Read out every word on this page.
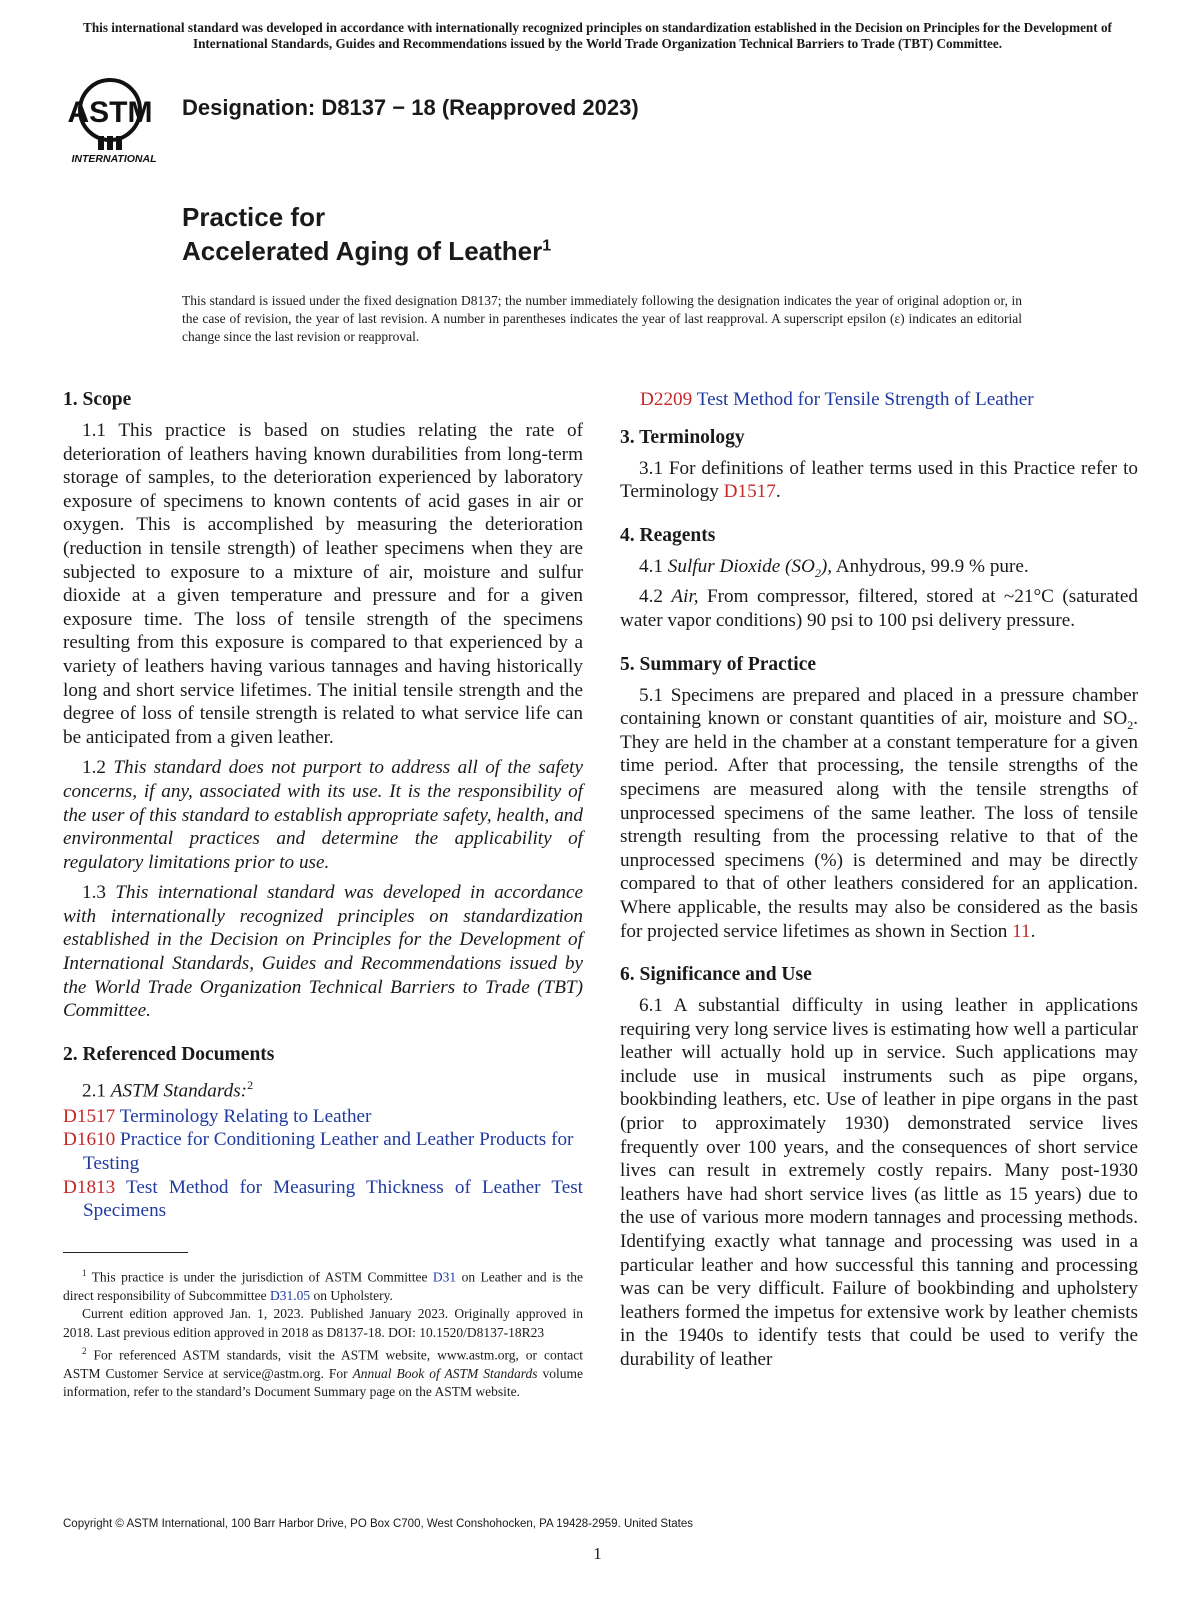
This international standard was developed in accordance with internationally recognized principles on standardization established in the Decision on Principles for the Development of International Standards, Guides and Recommendations issued by the World Trade Organization Technical Barriers to Trade (TBT) Committee.
ASTM
INTERNATIONAL
Designation: D8137 − 18 (Reapproved 2023)
Practice for
Accelerated Aging of Leather$^1$
This standard is issued under the fixed designation D8137; the number immediately following the designation indicates the year of original adoption or, in the case of revision, the year of last revision. A number in parentheses indicates the year of last reapproval. A superscript epsilon (ε) indicates an editorial change since the last revision or reapproval.
1. Scope

1.1 This practice is based on studies relating the rate of deterioration of leathers having known durabilities from long-term storage of samples, to the deterioration experienced by laboratory exposure of specimens to known contents of acid gases in air or oxygen. This is accomplished by measuring the deterioration (reduction in tensile strength) of leather specimens when they are subjected to exposure to a mixture of air, moisture and sulfur dioxide at a given temperature and pressure and for a given exposure time. The loss of tensile strength of the specimens resulting from this exposure is compared to that experienced by a variety of leathers having various tannages and having historically long and short service lifetimes. The initial tensile strength and the degree of loss of tensile strength is related to what service life can be anticipated from a given leather.

1.2 This standard does not purport to address all of the safety concerns, if any, associated with its use. It is the responsibility of the user of this standard to establish appropriate safety, health, and environmental practices and determine the applicability of regulatory limitations prior to use.

1.3 This international standard was developed in accordance with internationally recognized principles on standardization established in the Decision on Principles for the Development of International Standards, Guides and Recommendations issued by the World Trade Organization Technical Barriers to Trade (TBT) Committee.

2. Referenced Documents

2.1 ASTM Standards:$^2$

D1517 Terminology Relating to Leather
D1610 Practice for Conditioning Leather and Leather Products for Testing
D1813 Test Method for Measuring Thickness of Leather Test Specimens

$^1$ This practice is under the jurisdiction of ASTM Committee D31 on Leather and is the direct responsibility of Subcommittee D31.05 on Upholstery.

Current edition approved Jan. 1, 2023. Published January 2023. Originally approved in 2018. Last previous edition approved in 2018 as D8137-18. DOI: 10.1520/D8137-18R23

$^2$ For referenced ASTM standards, visit the ASTM website, www.astm.org, or contact ASTM Customer Service at service@astm.org. For Annual Book of ASTM Standards volume information, refer to the standard’s Document Summary page on the ASTM website.

D2209 Test Method for Tensile Strength of Leather
3. Terminology

3.1 For definitions of leather terms used in this Practice refer to Terminology D1517.

4. Reagents

4.1 Sulfur Dioxide $(SO_2)$, Anhydrous, 99.9 % pure.

4.2 Air, From compressor, filtered, stored at ~21°C (saturated water vapor conditions) 90 psi to 100 psi delivery pressure.

5. Summary of Practice

5.1 Specimens are prepared and placed in a pressure chamber containing known or constant quantities of air, moisture and $SO_2$. They are held in the chamber at a constant temperature for a given time period. After that processing, the tensile strengths of the specimens are measured along with the tensile strengths of unprocessed specimens of the same leather. The loss of tensile strength resulting from the processing relative to that of the unprocessed specimens (%) is determined and may be directly compared to that of other leathers considered for an application. Where applicable, the results may also be considered as the basis for projected service lifetimes as shown in Section 11.

6. Significance and Use

6.1 A substantial difficulty in using leather in applications requiring very long service lives is estimating how well a particular leather will actually hold up in service. Such applications may include use in musical instruments such as pipe organs, bookbinding leathers, etc. Use of leather in pipe organs in the past (prior to approximately 1930) demonstrated service lives frequently over 100 years, and the consequences of short service lives can result in extremely costly repairs. Many post-1930 leathers have had short service lives (as little as 15 years) due to the use of various more modern tannages and processing methods. Identifying exactly what tannage and processing was used in a particular leather and how successful this tanning and processing was can be very difficult. Failure of bookbinding and upholstery leathers formed the impetus for extensive work by leather chemists in the 1940s to identify tests that could be used to verify the durability of leather

Copyright © ASTM International, 100 Barr Harbor Drive, PO Box C700, West Conshohocken, PA 19428-2959. United States
1
